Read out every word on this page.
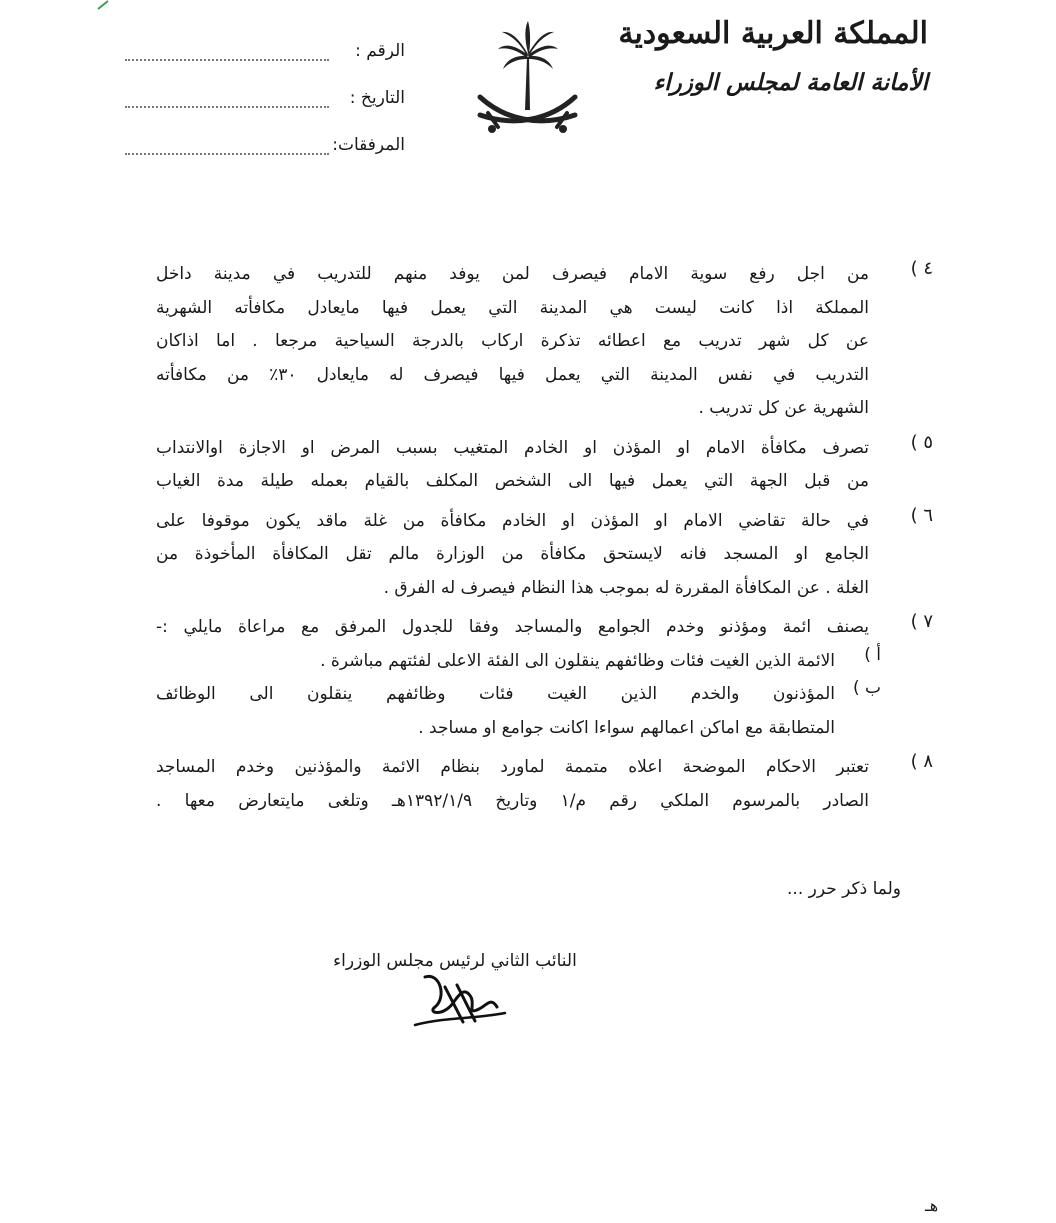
المملكة العربية السعودية
الأمانة العامة لمجلس الوزراء
الرقم :
التاريخ :
المرفقات:
٤ )
من اجل رفع سوية الامام فيصرف لمن يوفد منهم للتدريب في مدينة داخل
المملكة اذا كانت ليست هي المدينة التي يعمل فيها مايعادل مكافأته الشهرية
عن كل شهر تدريب مع اعطائه تذكرة اركاب بالدرجة السياحية مرجعا . اما اذاكان
التدريب في نفس المدينة التي يعمل فيها فيصرف له مايعادل ٣٠٪ من مكافأته
الشهرية عن كل تدريب .
٥ )
تصرف مكافأة الامام او المؤذن او الخادم المتغيب بسبب المرض او الاجازة اوالانتداب
من قبل الجهة التي يعمل فيها الى الشخص المكلف بالقيام بعمله طيلة مدة الغياب
٦ )
في حالة تقاضي الامام او المؤذن او الخادم مكافأة من غلة ماقد يكون موقوفا على
الجامع او المسجد فانه لايستحق مكافأة من الوزارة مالم تقل المكافأة المأخوذة من
الغلة . عن المكافأة المقررة له بموجب هذا النظام فيصرف له الفرق .
٧ )
يصنف ائمة ومؤذنو وخدم الجوامع والمساجد وفقا للجدول المرفق مع مراعاة مايلي :-
أ )
الائمة الذين الغيت فئات وظائفهم ينقلون الى الفئة الاعلى لفئتهم مباشرة .
ب )
المؤذنون والخدم الذين الغيت فئات وظائفهم ينقلون الى الوظائف
المتطابقة مع اماكن اعمالهم سواءا اكانت جوامع او مساجد .
٨ )
تعتبر الاحكام الموضحة اعلاه متممة لماورد بنظام الائمة والمؤذنين وخدم المساجد
الصادر بالمرسوم الملكي رقم م/١ وتاريخ ١٣٩٢/١/٩هـ وتلغى مايتعارض معها .
ولما ذكر حرر ...
النائب الثاني لرئيس مجلس الوزراء
هـ
